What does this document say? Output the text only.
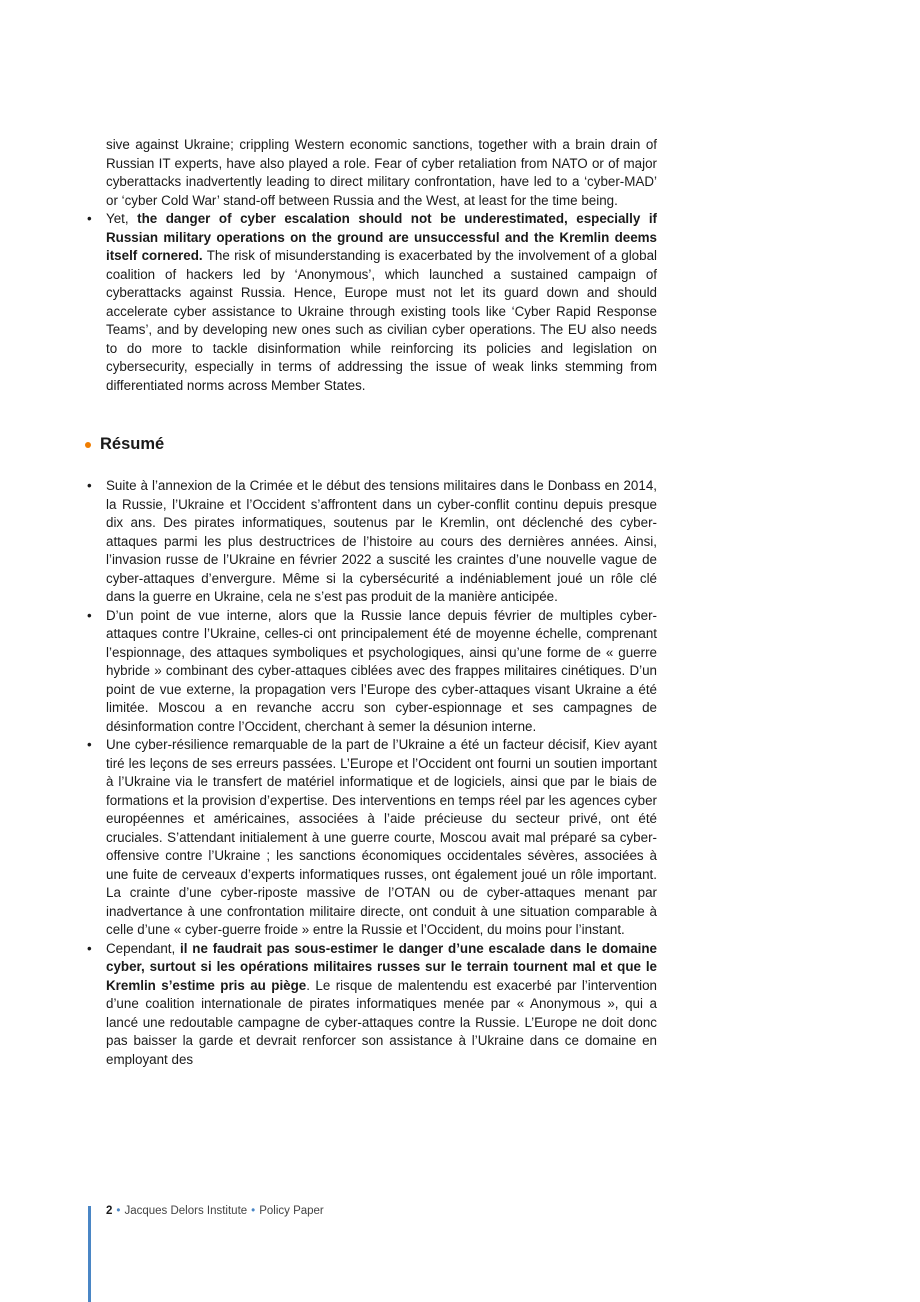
sive against Ukraine; crippling Western economic sanctions, together with a brain drain of Russian IT experts, have also played a role. Fear of cyber retaliation from NATO or of major cyberattacks inadvertently leading to direct military confrontation, have led to a ‘cyber-MAD’ or ‘cyber Cold War’ stand-off between Russia and the West, at least for the time being.

• Yet, the danger of cyber escalation should not be underestimated, especially if Russian military operations on the ground are unsuccessful and the Kremlin deems itself cornered. The risk of misunderstanding is exacerbated by the involvement of a global coalition of hackers led by ‘Anonymous’, which launched a sustained campaign of cyberattacks against Russia. Hence, Europe must not let its guard down and should accelerate cyber assistance to Ukraine through existing tools like ‘Cyber Rapid Response Teams’, and by developing new ones such as civilian cyber operations. The EU also needs to do more to tackle disinformation while reinforcing its policies and legislation on cybersecurity, especially in terms of addressing the issue of weak links stemming from differentiated norms across Member States.
Résumé
• Suite à l’annexion de la Crimée et le début des tensions militaires dans le Donbass en 2014, la Russie, l’Ukraine et l’Occident s’affrontent dans un cyber-conflit continu depuis presque dix ans. Des pirates informatiques, soutenus par le Kremlin, ont déclenché des cyber-attaques parmi les plus destructrices de l’histoire au cours des dernières années. Ainsi, l’invasion russe de l’Ukraine en février 2022 a suscité les craintes d’une nouvelle vague de cyber-attaques d’envergure. Même si la cybersécurité a indéniablement joué un rôle clé dans la guerre en Ukraine, cela ne s’est pas produit de la manière anticipée.
• D’un point de vue interne, alors que la Russie lance depuis février de multiples cyber-attaques contre l’Ukraine, celles-ci ont principalement été de moyenne échelle, comprenant l’espionnage, des attaques symboliques et psychologiques, ainsi qu’une forme de « guerre hybride » combinant des cyber-attaques ciblées avec des frappes militaires cinétiques. D’un point de vue externe, la propagation vers l’Europe des cyber-attaques visant Ukraine a été limitée. Moscou a en revanche accru son cyber-espionnage et ses campagnes de désinformation contre l’Occident, cherchant à semer la désunion interne.
• Une cyber-résilience remarquable de la part de l’Ukraine a été un facteur décisif, Kiev ayant tiré les leçons de ses erreurs passées. L’Europe et l’Occident ont fourni un soutien important à l’Ukraine via le transfert de matériel informatique et de logiciels, ainsi que par le biais de formations et la provision d’expertise. Des interventions en temps réel par les agences cyber européennes et américaines, associées à l’aide précieuse du secteur privé, ont été cruciales. S’attendant initialement à une guerre courte, Moscou avait mal préparé sa cyber-offensive contre l’Ukraine ; les sanctions économiques occidentales sévères, associées à une fuite de cerveaux d’experts informatiques russes, ont également joué un rôle important. La crainte d’une cyber-riposte massive de l’OTAN ou de cyber-attaques menant par inadvertance à une confrontation militaire directe, ont conduit à une situation comparable à celle d’une « cyber-guerre froide » entre la Russie et l’Occident, du moins pour l’instant.
• Cependant, il ne faudrait pas sous-estimer le danger d’une escalade dans le domaine cyber, surtout si les opérations militaires russes sur le terrain tournent mal et que le Kremlin s’estime pris au piège. Le risque de malentendu est exacerbé par l’intervention d’une coalition internationale de pirates informatiques menée par « Anonymous », qui a lancé une redoutable campagne de cyber-attaques contre la Russie. L’Europe ne doit donc pas baisser la garde et devrait renforcer son assistance à l’Ukraine dans ce domaine en employant des
2 • Jacques Delors Institute • Policy Paper
